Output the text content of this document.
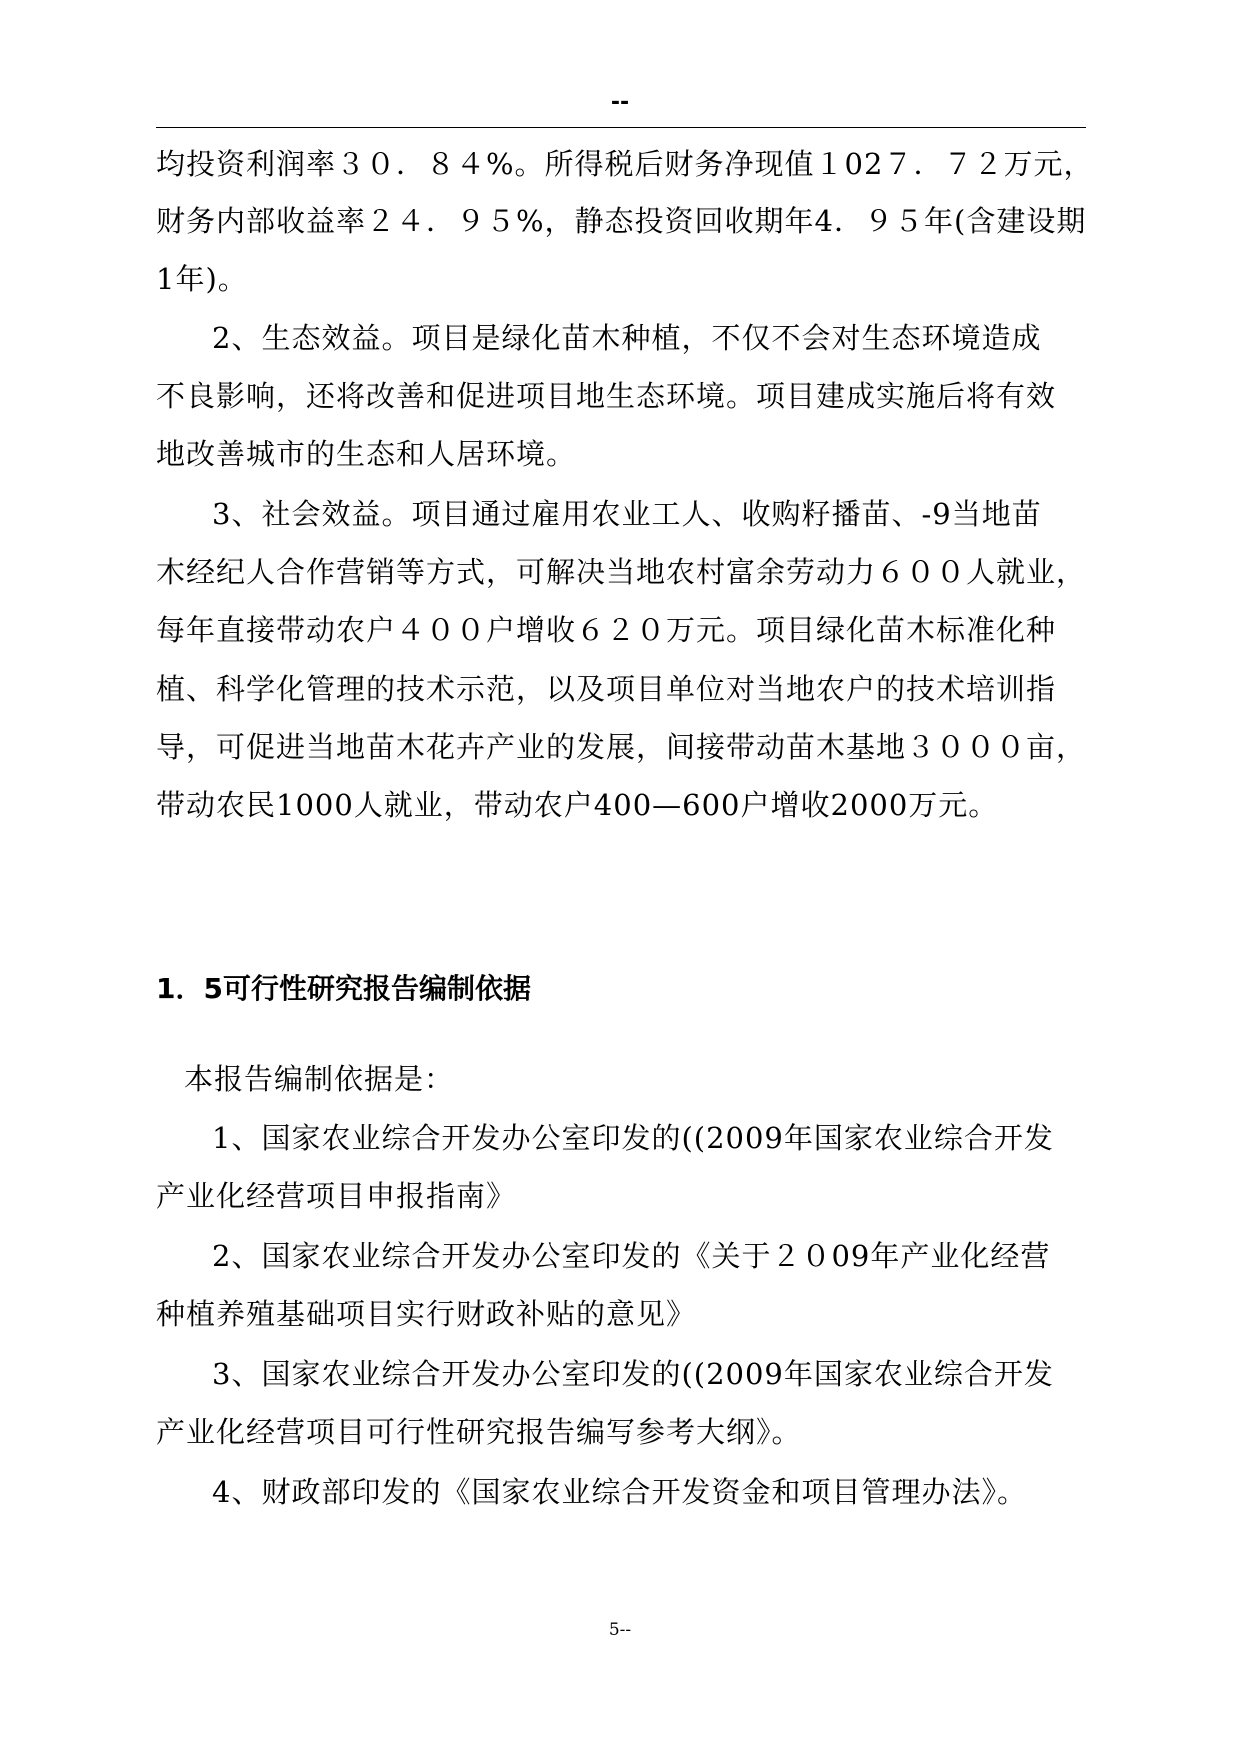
--
均投资利润率３０．８４%。所得税后财务净现值１02７．７２万元，
财务内部收益率２４．９５%，静态投资回收期年4．９５年(含建设期
1年)。
2、生态效益。项目是绿化苗木种植，不仅不会对生态环境造成
不良影响，还将改善和促进项目地生态环境。项目建成实施后将有效
地改善城市的生态和人居环境。
3、社会效益。项目通过雇用农业工人、收购籽播苗、-9当地苗
木经纪人合作营销等方式，可解决当地农村富余劳动力６００人就业，
每年直接带动农户４００户增收６２０万元。项目绿化苗木标准化种
植、科学化管理的技术示范，以及项目单位对当地农户的技术培训指
导，可促进当地苗木花卉产业的发展，间接带动苗木基地３０００亩，
带动农民1000人就业，带动农户400—600户增收2000万元。
1．5可行性研究报告编制依据
本报告编制依据是：
1、国家农业综合开发办公室印发的((2009年国家农业综合开发
产业化经营项目申报指南》
2、国家农业综合开发办公室印发的《关于２０09年产业化经营
种植养殖基础项目实行财政补贴的意见》
3、国家农业综合开发办公室印发的((2009年国家农业综合开发
产业化经营项目可行性研究报告编写参考大纲》。
4、财政部印发的《国家农业综合开发资金和项目管理办法》。
5--
